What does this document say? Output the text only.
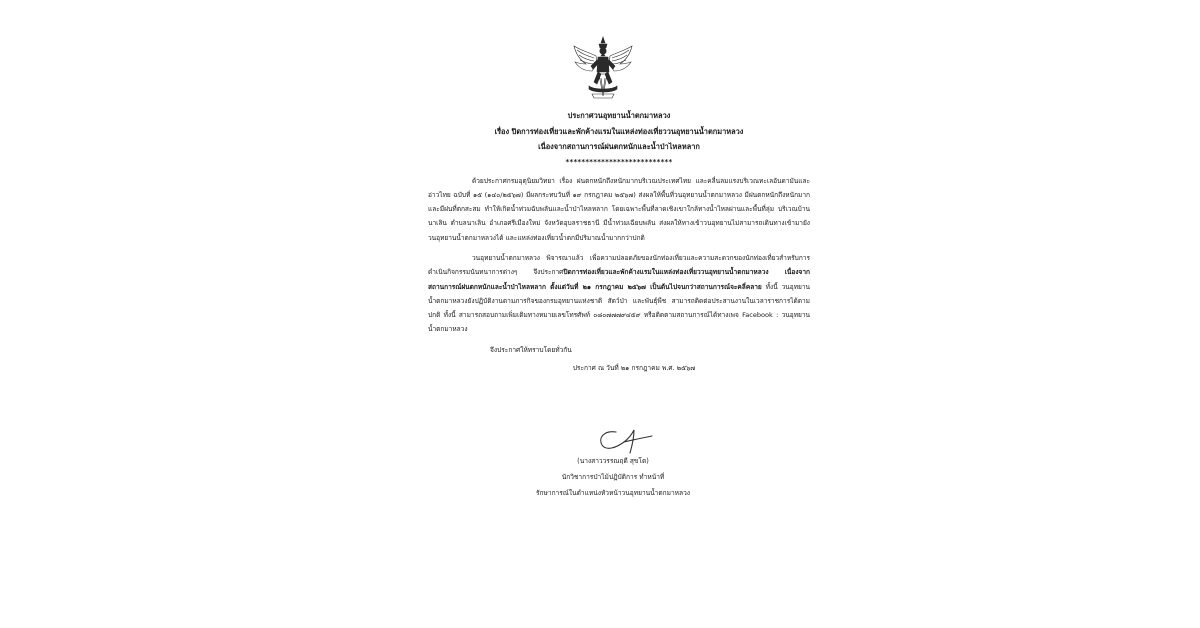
ประกาศวนอุทยานน้ำตกมาหลวง
เรื่อง ปิดการท่องเที่ยวและพักค้างแรมในแหล่งท่องเที่ยววนอุทยานน้ำตกมาหลวง
เนื่องจากสถานการณ์ฝนตกหนักและน้ำป่าไหลหลาก
***************************

ด้วยประกาศกรมอุตุนิยมวิทยา เรื่อง ฝนตกหนักถึงหนักมากบริเวณประเทศไทย และคลื่นลมแรงบริเวณทะเลอันดามันและอ่าวไทย ฉบับที่ ๑๕ (๑๔๐/๒๕๖๗) มีผลกระทบวันที่ ๑๙ กรกฎาคม ๒๕๖๗) ส่งผลให้พื้นที่วนอุทยานน้ำตกมาหลวง มีฝนตกหนักถึงหนักมากและมีฝนที่ตกสะสม ทำให้เกิดน้ำท่วมฉับพลันและน้ำป่าไหลหลาก โดยเฉพาะพื้นที่ลาดเชิงเขาใกล้ทางน้ำไหลผ่านและพื้นที่ลุ่ม บริเวณบ้านนาเลิน ตำบลนาเลิน อำเภอศรีเมืองใหม่ จังหวัดอุบลราชธานี มีน้ำท่วมเฉียบพลัน ส่งผลให้ทางเข้าวนอุทยานไม่สามารถเดินทางเข้ามายังวนอุทยานน้ำตกมาหลวงได้ และแหล่งท่องเที่ยวน้ำตกมีปริมาณน้ำมากกว่าปกติ

วนอุทยานน้ำตกมาหลวง พิจารณาแล้ว เพื่อความปลอดภัยของนักท่องเที่ยวและความสะดวกของนักท่องเที่ยวสำหรับการดำเนินกิจกรรมนันทนาการต่างๆ จึงประกาศปิดการท่องเที่ยวและพักค้างแรมในแหล่งท่องเที่ยววนอุทยานน้ำตกมาหลวง เนื่องจากสถานการณ์ฝนตกหนักและน้ำป่าไหลหลาก ตั้งแต่วันที่ ๒๑ กรกฎาคม ๒๕๖๗ เป็นต้นไปจนกว่าสถานการณ์จะคลี่คลาย ทั้งนี้ วนอุทยานน้ำตกมาหลวงยังปฏิบัติงานตามภารกิจของกรมอุทยานแห่งชาติ สัตว์ป่า และพันธุ์พืช สามารถติดต่อประสานงานในเวลาราชการได้ตามปกติ ทั้งนี้ สามารถสอบถามเพิ่มเติมทางหมายเลขโทรศัพท์ ๐๘๐๗๗๗๙๔๕๙ หรือติดตามสถานการณ์ได้ทางเพจ Facebook : วนอุทยานน้ำตกมาหลวง

จึงประกาศให้ทราบโดยทั่วกัน
ประกาศ ณ วันที่ ๒๑ กรกฎาคม พ.ศ. ๒๕๖๗
(นางสาววรรณฤดี สุขโต)
นักวิชาการป่าไม้ปฏิบัติการ ทำหน้าที่
รักษาการณ์ในตำแหน่งหัวหน้าวนอุทยานน้ำตกมาหลวง
